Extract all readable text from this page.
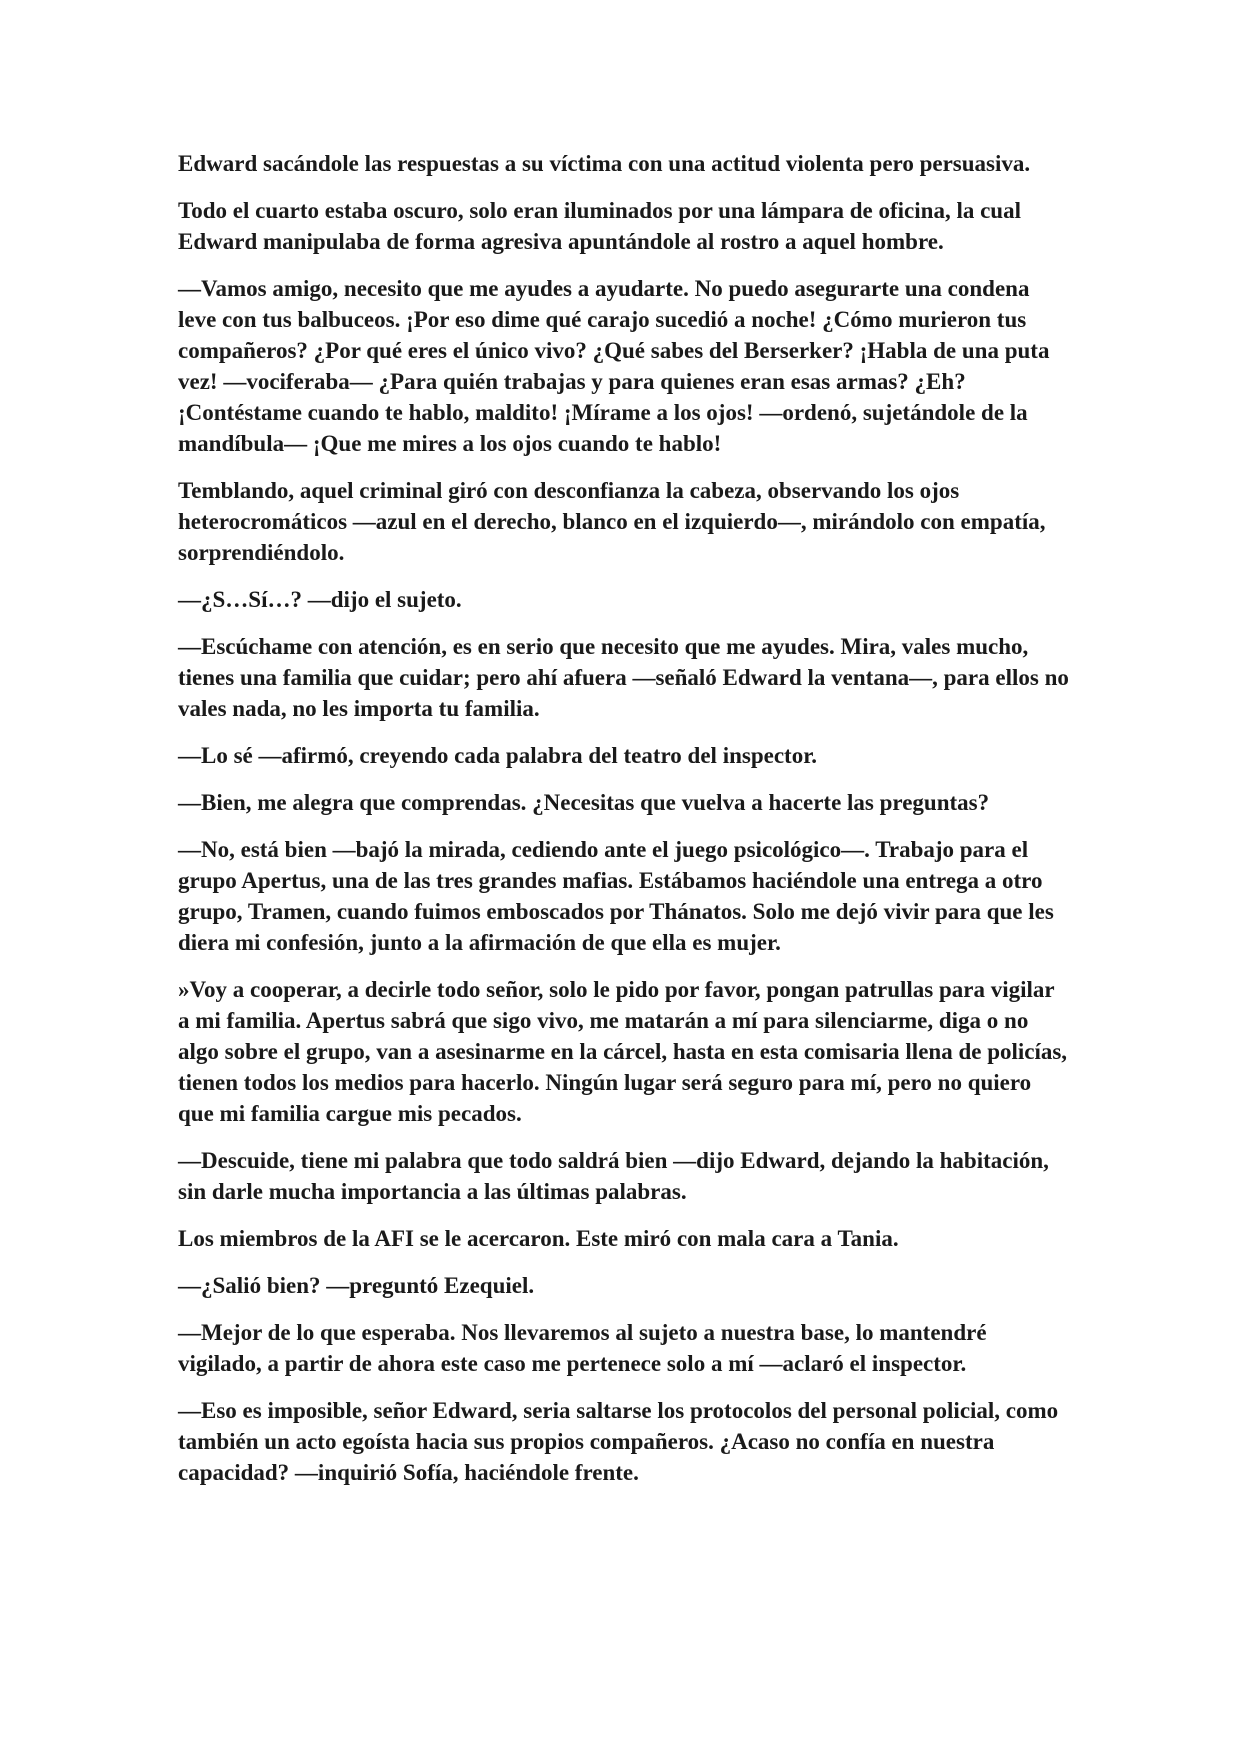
Edward sacándole las respuestas a su víctima con una actitud violenta pero persuasiva.

Todo el cuarto estaba oscuro, solo eran iluminados por una lámpara de oficina, la cual Edward manipulaba de forma agresiva apuntándole al rostro a aquel hombre.

—Vamos amigo, necesito que me ayudes a ayudarte. No puedo asegurarte una condena leve con tus balbuceos. ¡Por eso dime qué carajo sucedió a noche! ¿Cómo murieron tus compañeros? ¿Por qué eres el único vivo? ¿Qué sabes del Berserker? ¡Habla de una puta vez! —vociferaba— ¿Para quién trabajas y para quienes eran esas armas? ¿Eh? ¡Contéstame cuando te hablo, maldito! ¡Mírame a los ojos! —ordenó, sujetándole de la mandíbula— ¡Que me mires a los ojos cuando te hablo!

Temblando, aquel criminal giró con desconfianza la cabeza, observando los ojos heterocromáticos —azul en el derecho, blanco en el izquierdo—, mirándolo con empatía, sorprendiéndolo.

—¿S…Sí…? —dijo el sujeto.

—Escúchame con atención, es en serio que necesito que me ayudes. Mira, vales mucho, tienes una familia que cuidar; pero ahí afuera —señaló Edward la ventana—, para ellos no vales nada, no les importa tu familia.

—Lo sé —afirmó, creyendo cada palabra del teatro del inspector.

—Bien, me alegra que comprendas. ¿Necesitas que vuelva a hacerte las preguntas?

—No, está bien —bajó la mirada, cediendo ante el juego psicológico—. Trabajo para el grupo Apertus, una de las tres grandes mafias. Estábamos haciéndole una entrega a otro grupo, Tramen, cuando fuimos emboscados por Thánatos. Solo me dejó vivir para que les diera mi confesión, junto a la afirmación de que ella es mujer.

»Voy a cooperar, a decirle todo señor, solo le pido por favor, pongan patrullas para vigilar a mi familia. Apertus sabrá que sigo vivo, me matarán a mí para silenciarme, diga o no algo sobre el grupo, van a asesinarme en la cárcel, hasta en esta comisaria llena de policías, tienen todos los medios para hacerlo. Ningún lugar será seguro para mí, pero no quiero que mi familia cargue mis pecados.

—Descuide, tiene mi palabra que todo saldrá bien —dijo Edward, dejando la habitación, sin darle mucha importancia a las últimas palabras.

Los miembros de la AFI se le acercaron. Este miró con mala cara a Tania.

—¿Salió bien? —preguntó Ezequiel.

—Mejor de lo que esperaba. Nos llevaremos al sujeto a nuestra base, lo mantendré vigilado, a partir de ahora este caso me pertenece solo a mí —aclaró el inspector.

—Eso es imposible, señor Edward, seria saltarse los protocolos del personal policial, como también un acto egoísta hacia sus propios compañeros. ¿Acaso no confía en nuestra capacidad? —inquirió Sofía, haciéndole frente.
